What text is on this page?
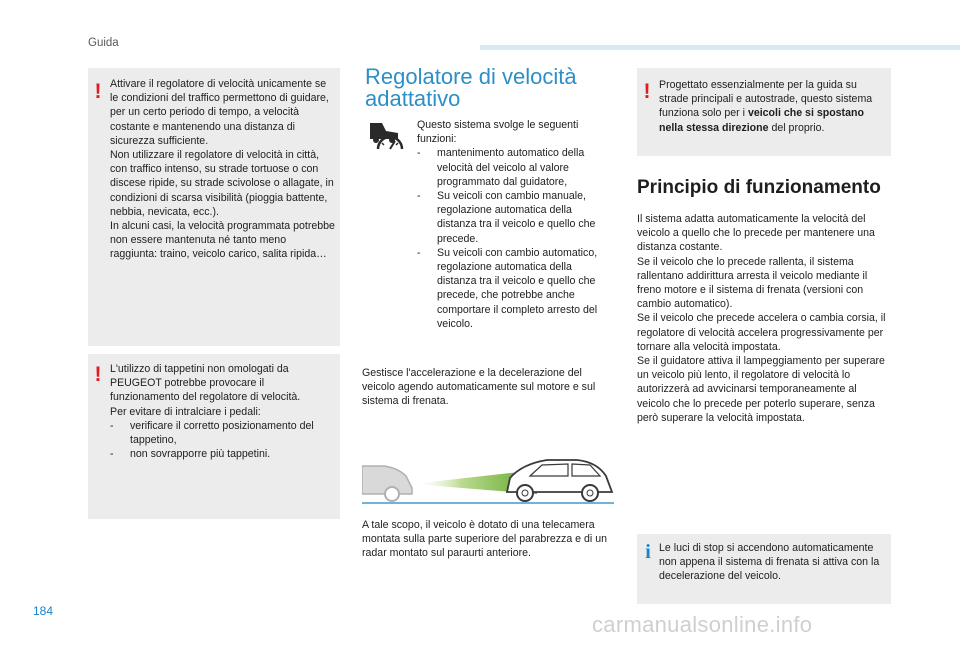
Guida
! Attivare il regolatore di velocità unicamente se le condizioni del traffico permettono di guidare, per un certo periodo di tempo, a velocità costante e mantenendo una distanza di sicurezza sufficiente.

Non utilizzare il regolatore di velocità in città, con traffico intenso, su strade tortuose o con discese ripide, su strade scivolose o allagate, in condizioni di scarsa visibilità (pioggia battente, nebbia, nevicata, ecc.).

In alcuni casi, la velocità programmata potrebbe non essere mantenuta né tanto meno raggiunta: traino, veicolo carico, salita ripida…

! L'utilizzo di tappetini non omologati da PEUGEOT potrebbe provocare il funzionamento del regolatore di velocità.

Per evitare di intralciare i pedali:

- verificare il corretto posizionamento del tappetino,

- non sovrapporre più tappetini.

Regolatore di velocità
adattativo

Questo sistema svolge le seguenti funzioni:

- mantenimento automatico della velocità del veicolo al valore programmato dal guidatore,

- Su veicoli con cambio manuale, regolazione automatica della distanza tra il veicolo e quello che precede.

- Su veicoli con cambio automatico, regolazione automatica della distanza tra il veicolo e quello che precede, che potrebbe anche comportare il completo arresto del veicolo.

Gestisce l'accelerazione e la decelerazione del veicolo agendo automaticamente sul motore e sul sistema di frenata.
A tale scopo, il veicolo è dotato di una telecamera montata sulla parte superiore del parabrezza e di un radar montato sul paraurti anteriore.
! Progettato essenzialmente per la guida su strade principali e autostrade, questo sistema funziona solo per i veicoli che si spostano nella stessa direzione del proprio.

Principio di funzionamento

Il sistema adatta automaticamente la velocità del veicolo a quello che lo precede per mantenere una distanza costante.

Se il veicolo che lo precede rallenta, il sistema rallentano addirittura arresta il veicolo mediante il freno motore e il sistema di frenata (versioni con cambio automatico).

Se il veicolo che precede accelera o cambia corsia, il regolatore di velocità accelera progressivamente per tornare alla velocità impostata.

Se il guidatore attiva il lampeggiamento per superare un veicolo più lento, il regolatore di velocità lo autorizzerà ad avvicinarsi temporaneamente al veicolo che lo precede per poterlo superare, senza però superare la velocità impostata.

i Le luci di stop si accendono automaticamente non appena il sistema di frenata si attiva con la decelerazione del veicolo.

184
carmanualsonline.info
